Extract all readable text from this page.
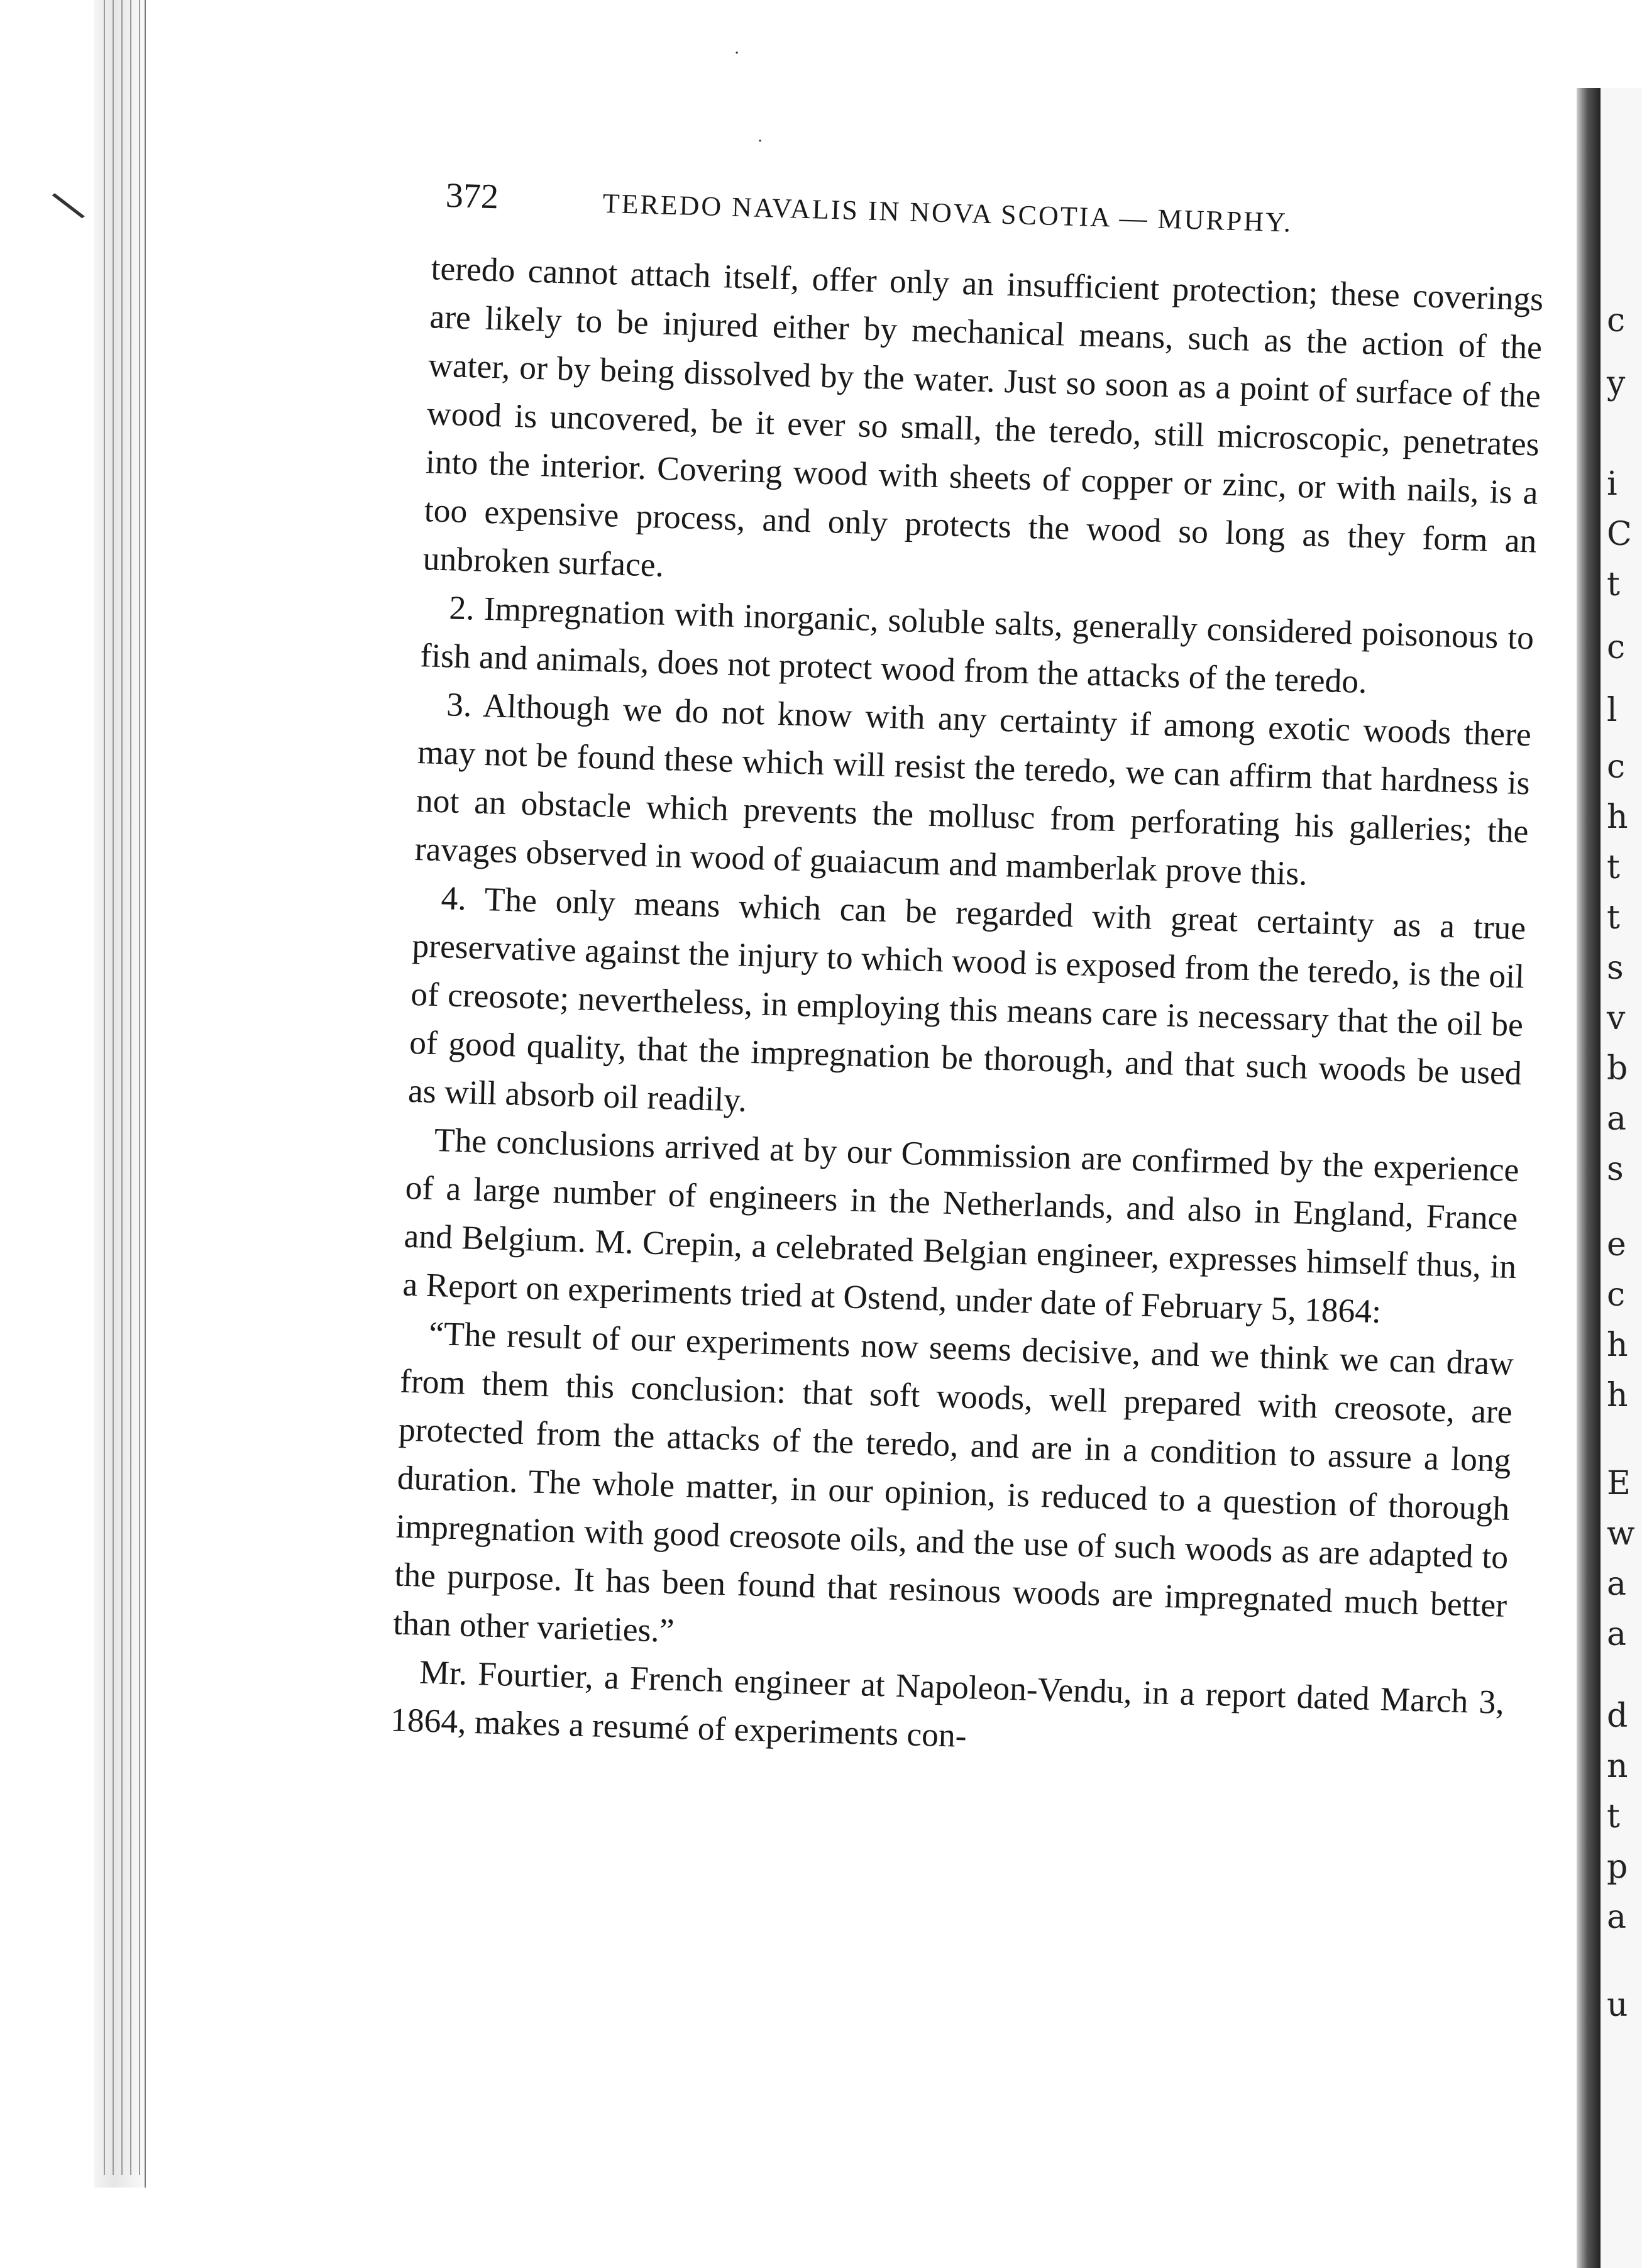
\
·
·
372	TEREDO NAVALIS IN NOVA SCOTIA — MURPHY.

teredo cannot attach itself, offer only an insufficient protection; these coverings are likely to be injured either by mechanical means, such as the action of the water, or by being dissolved by the water. Just so soon as a point of surface of the wood is uncovered, be it ever so small, the teredo, still microscopic, penetrates into the interior. Covering wood with sheets of copper or zinc, or with nails, is a too expensive process, and only protects the wood so long as they form an unbroken surface.

2. Impregnation with inorganic, soluble salts, generally considered poisonous to fish and animals, does not protect wood from the attacks of the teredo.

3. Although we do not know with any certainty if among exotic woods there may not be found these which will resist the teredo, we can affirm that hardness is not an obstacle which prevents the mollusc from perforating his galleries; the ravages observed in wood of guaiacum and mamberlak prove this.

4. The only means which can be regarded with great certainty as a true preservative against the injury to which wood is exposed from the teredo, is the oil of creosote; nevertheless, in employing this means care is necessary that the oil be of good quality, that the impregnation be thorough, and that such woods be used as will absorb oil readily.

The conclusions arrived at by our Commission are confirmed by the experience of a large number of engineers in the Netherlands, and also in England, France and Belgium. M. Crepin, a celebrated Belgian engineer, expresses himself thus, in a Report on experiments tried at Ostend, under date of February 5, 1864:

“The result of our experiments now seems decisive, and we think we can draw from them this conclusion: that soft woods, well prepared with creosote, are protected from the attacks of the teredo, and are in a condition to assure a long duration. The whole matter, in our opinion, is reduced to a question of thorough impregnation with good creosote oils, and the use of such woods as are adapted to the purpose. It has been found that resinous woods are impregnated much better than other varieties.”

Mr. Fourtier, a French engineer at Napoleon-Vendu, in a report dated March 3, 1864, makes a resumé of experiments con-

c
y
i
C
t
c
l
c
h
t
t
s
v
b
a
s
e
c
h
h
E
w
a
a
d
n
t
p
a
u
